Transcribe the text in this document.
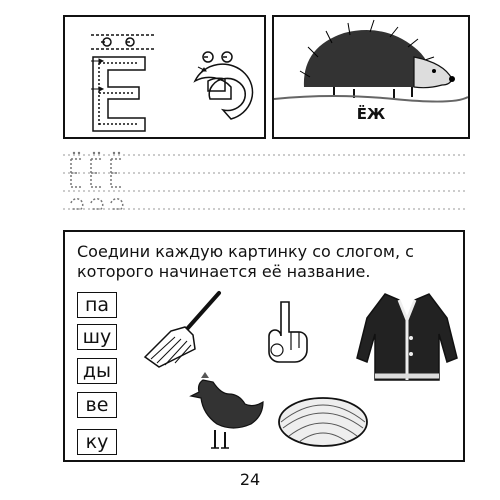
ЁЖ
Соедини каждую картинку со слогом, с которого начинается её название.
па
шу
ды
ве
ку
24
